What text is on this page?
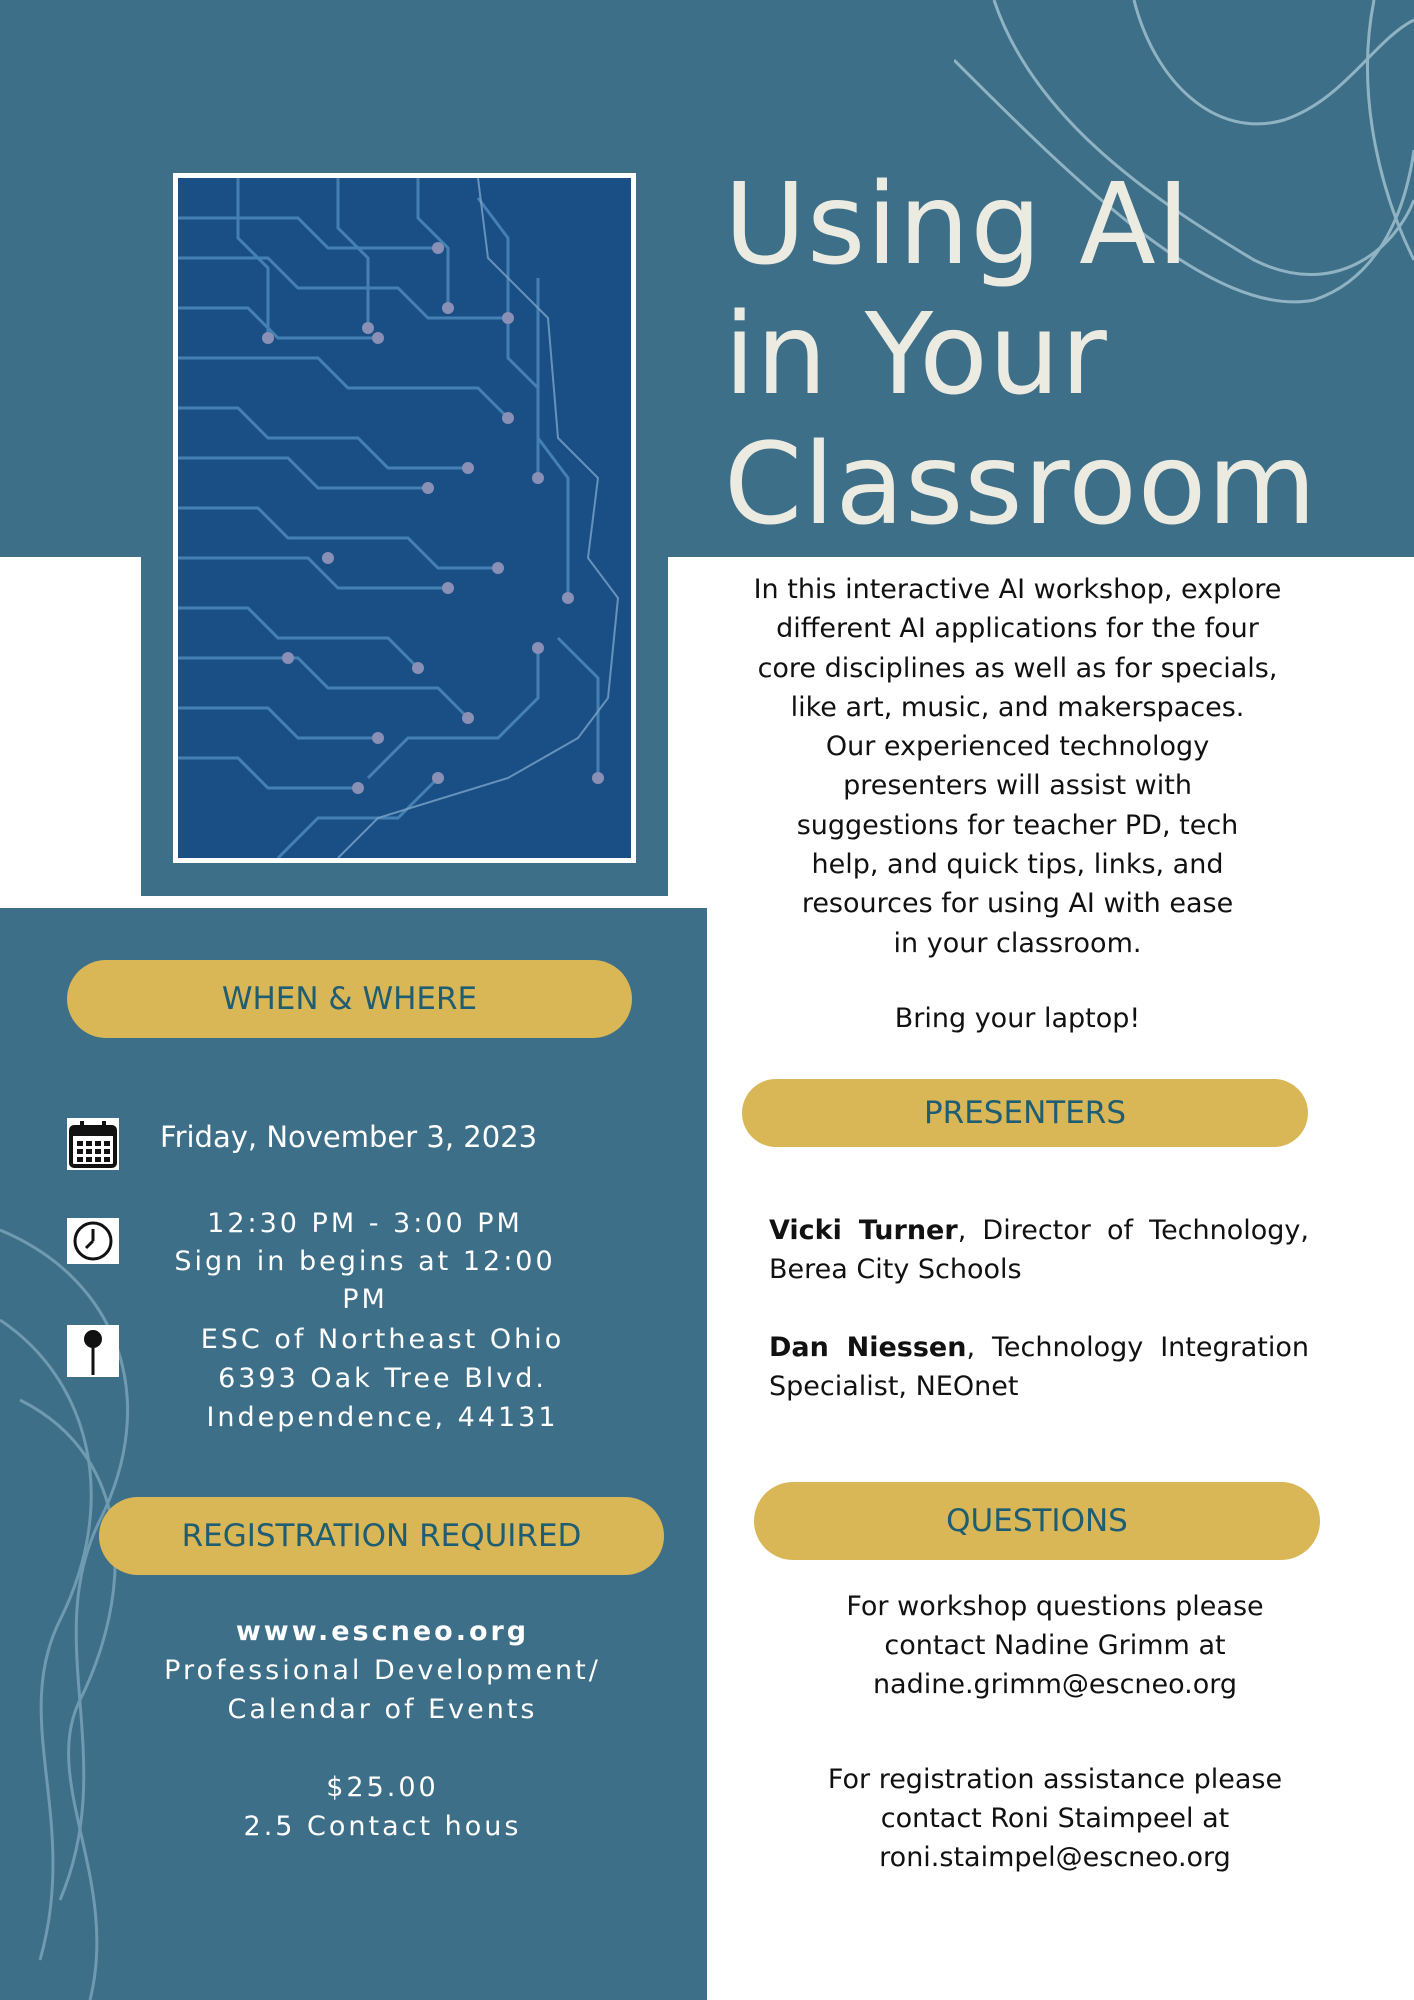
Using AI
in Your
Classroom
In this interactive AI workshop, explore
different AI applications for the four
core disciplines as well as for specials,
like art, music, and makerspaces.
Our experienced technology
presenters will assist with
suggestions for teacher PD, tech
help, and quick tips, links, and
resources for using AI with ease
in your classroom.
Bring your laptop!
WHEN & WHERE
Friday, November 3, 2023
12:30 PM - 3:00 PM
Sign in begins at 12:00 PM
ESC of Northeast Ohio
6393 Oak Tree Blvd.
Independence, 44131
REGISTRATION REQUIRED
www.escneo.org
Professional Development/
Calendar of Events
$25.00
2.5 Contact hous
PRESENTERS
Vicki Turner, Director of Technology, Berea City Schools
Dan Niessen, Technology Integration Specialist, NEOnet
QUESTIONS
For workshop questions please
contact Nadine Grimm at
nadine.grimm@escneo.org
For registration assistance please
contact Roni Staimpeel at
roni.staimpel@escneo.org
